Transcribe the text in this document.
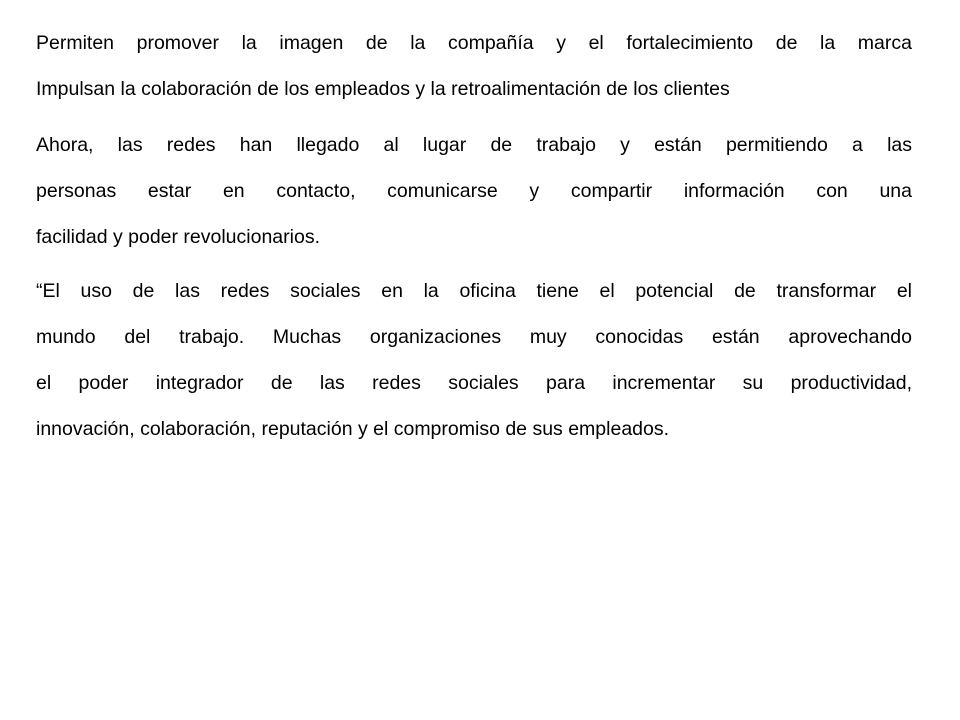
Permiten promover la imagen de la compañía y el fortalecimiento de la marca
Impulsan la colaboración de los empleados y la retroalimentación de los clientes
Ahora, las redes han llegado al lugar de trabajo y están permitiendo a las
personas estar en contacto, comunicarse y compartir información con una
facilidad y poder revolucionarios.
“El uso de las redes sociales en la oficina tiene el potencial de transformar el
mundo del trabajo. Muchas organizaciones muy conocidas están aprovechando
el poder integrador de las redes sociales para incrementar su productividad,
innovación, colaboración, reputación y el compromiso de sus empleados.
